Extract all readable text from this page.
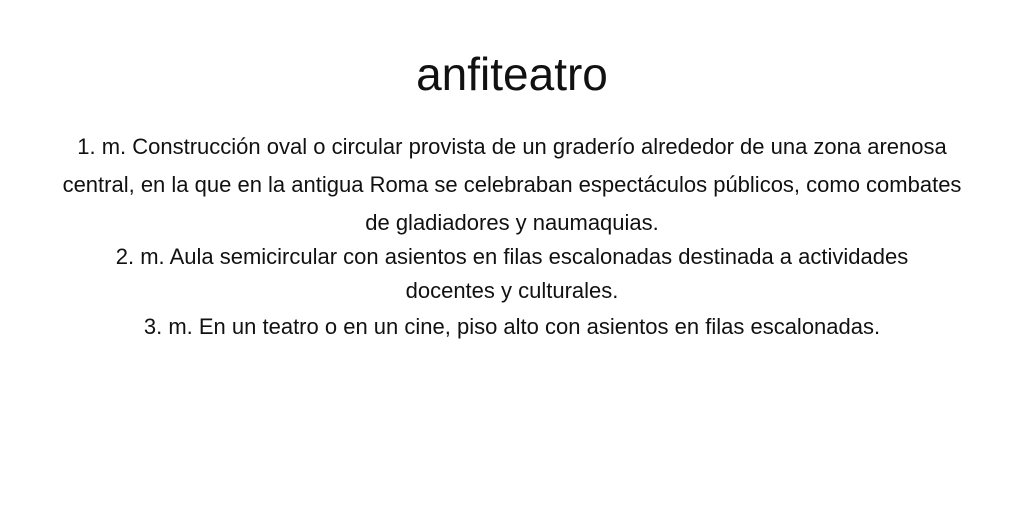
anfiteatro
1. m. Construcción oval o circular provista de un graderío alrededor de una zona arenosa central, en la que en la antigua Roma se celebraban espectáculos públicos, como combates de gladiadores y naumaquias.
2. m. Aula semicircular con asientos en filas escalonadas destinada a actividades docentes y culturales.
3. m. En un teatro o en un cine, piso alto con asientos en filas escalonadas.
